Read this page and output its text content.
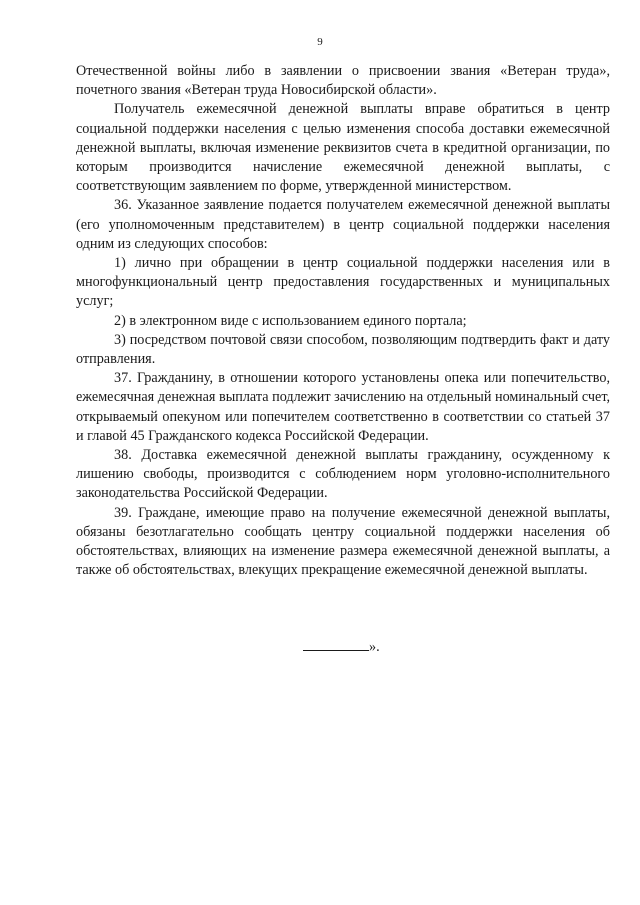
9

Отечественной войны либо в заявлении о присвоении звания «Ветеран труда», почетного звания «Ветеран труда Новосибирской области».

Получатель ежемесячной денежной выплаты вправе обратиться в центр социальной поддержки населения с целью изменения способа доставки ежемесячной денежной выплаты, включая изменение реквизитов счета в кредитной организации, по которым производится начисление ежемесячной денежной выплаты, с соответствующим заявлением по форме, утвержденной министерством.

36. Указанное заявление подается получателем ежемесячной денежной выплаты (его уполномоченным представителем) в центр социальной поддержки населения одним из следующих способов:

1) лично при обращении в центр социальной поддержки населения или в многофункциональный центр предоставления государственных и муниципальных услуг;

2) в электронном виде с использованием единого портала;

3) посредством почтовой связи способом, позволяющим подтвердить факт и дату отправления.

37. Гражданину, в отношении которого установлены опека или попечительство, ежемесячная денежная выплата подлежит зачислению на отдельный номинальный счет, открываемый опекуном или попечителем соответственно в соответствии со статьей 37 и главой 45 Гражданского кодекса Российской Федерации.

38. Доставка ежемесячной денежной выплаты гражданину, осужденному к лишению свободы, производится с соблюдением норм уголовно-исполнительного законодательства Российской Федерации.

39. Граждане, имеющие право на получение ежемесячной денежной выплаты, обязаны безотлагательно сообщать центру социальной поддержки населения об обстоятельствах, влияющих на изменение размера ежемесячной денежной выплаты, а также об обстоятельствах, влекущих прекращение ежемесячной денежной выплаты.

».
